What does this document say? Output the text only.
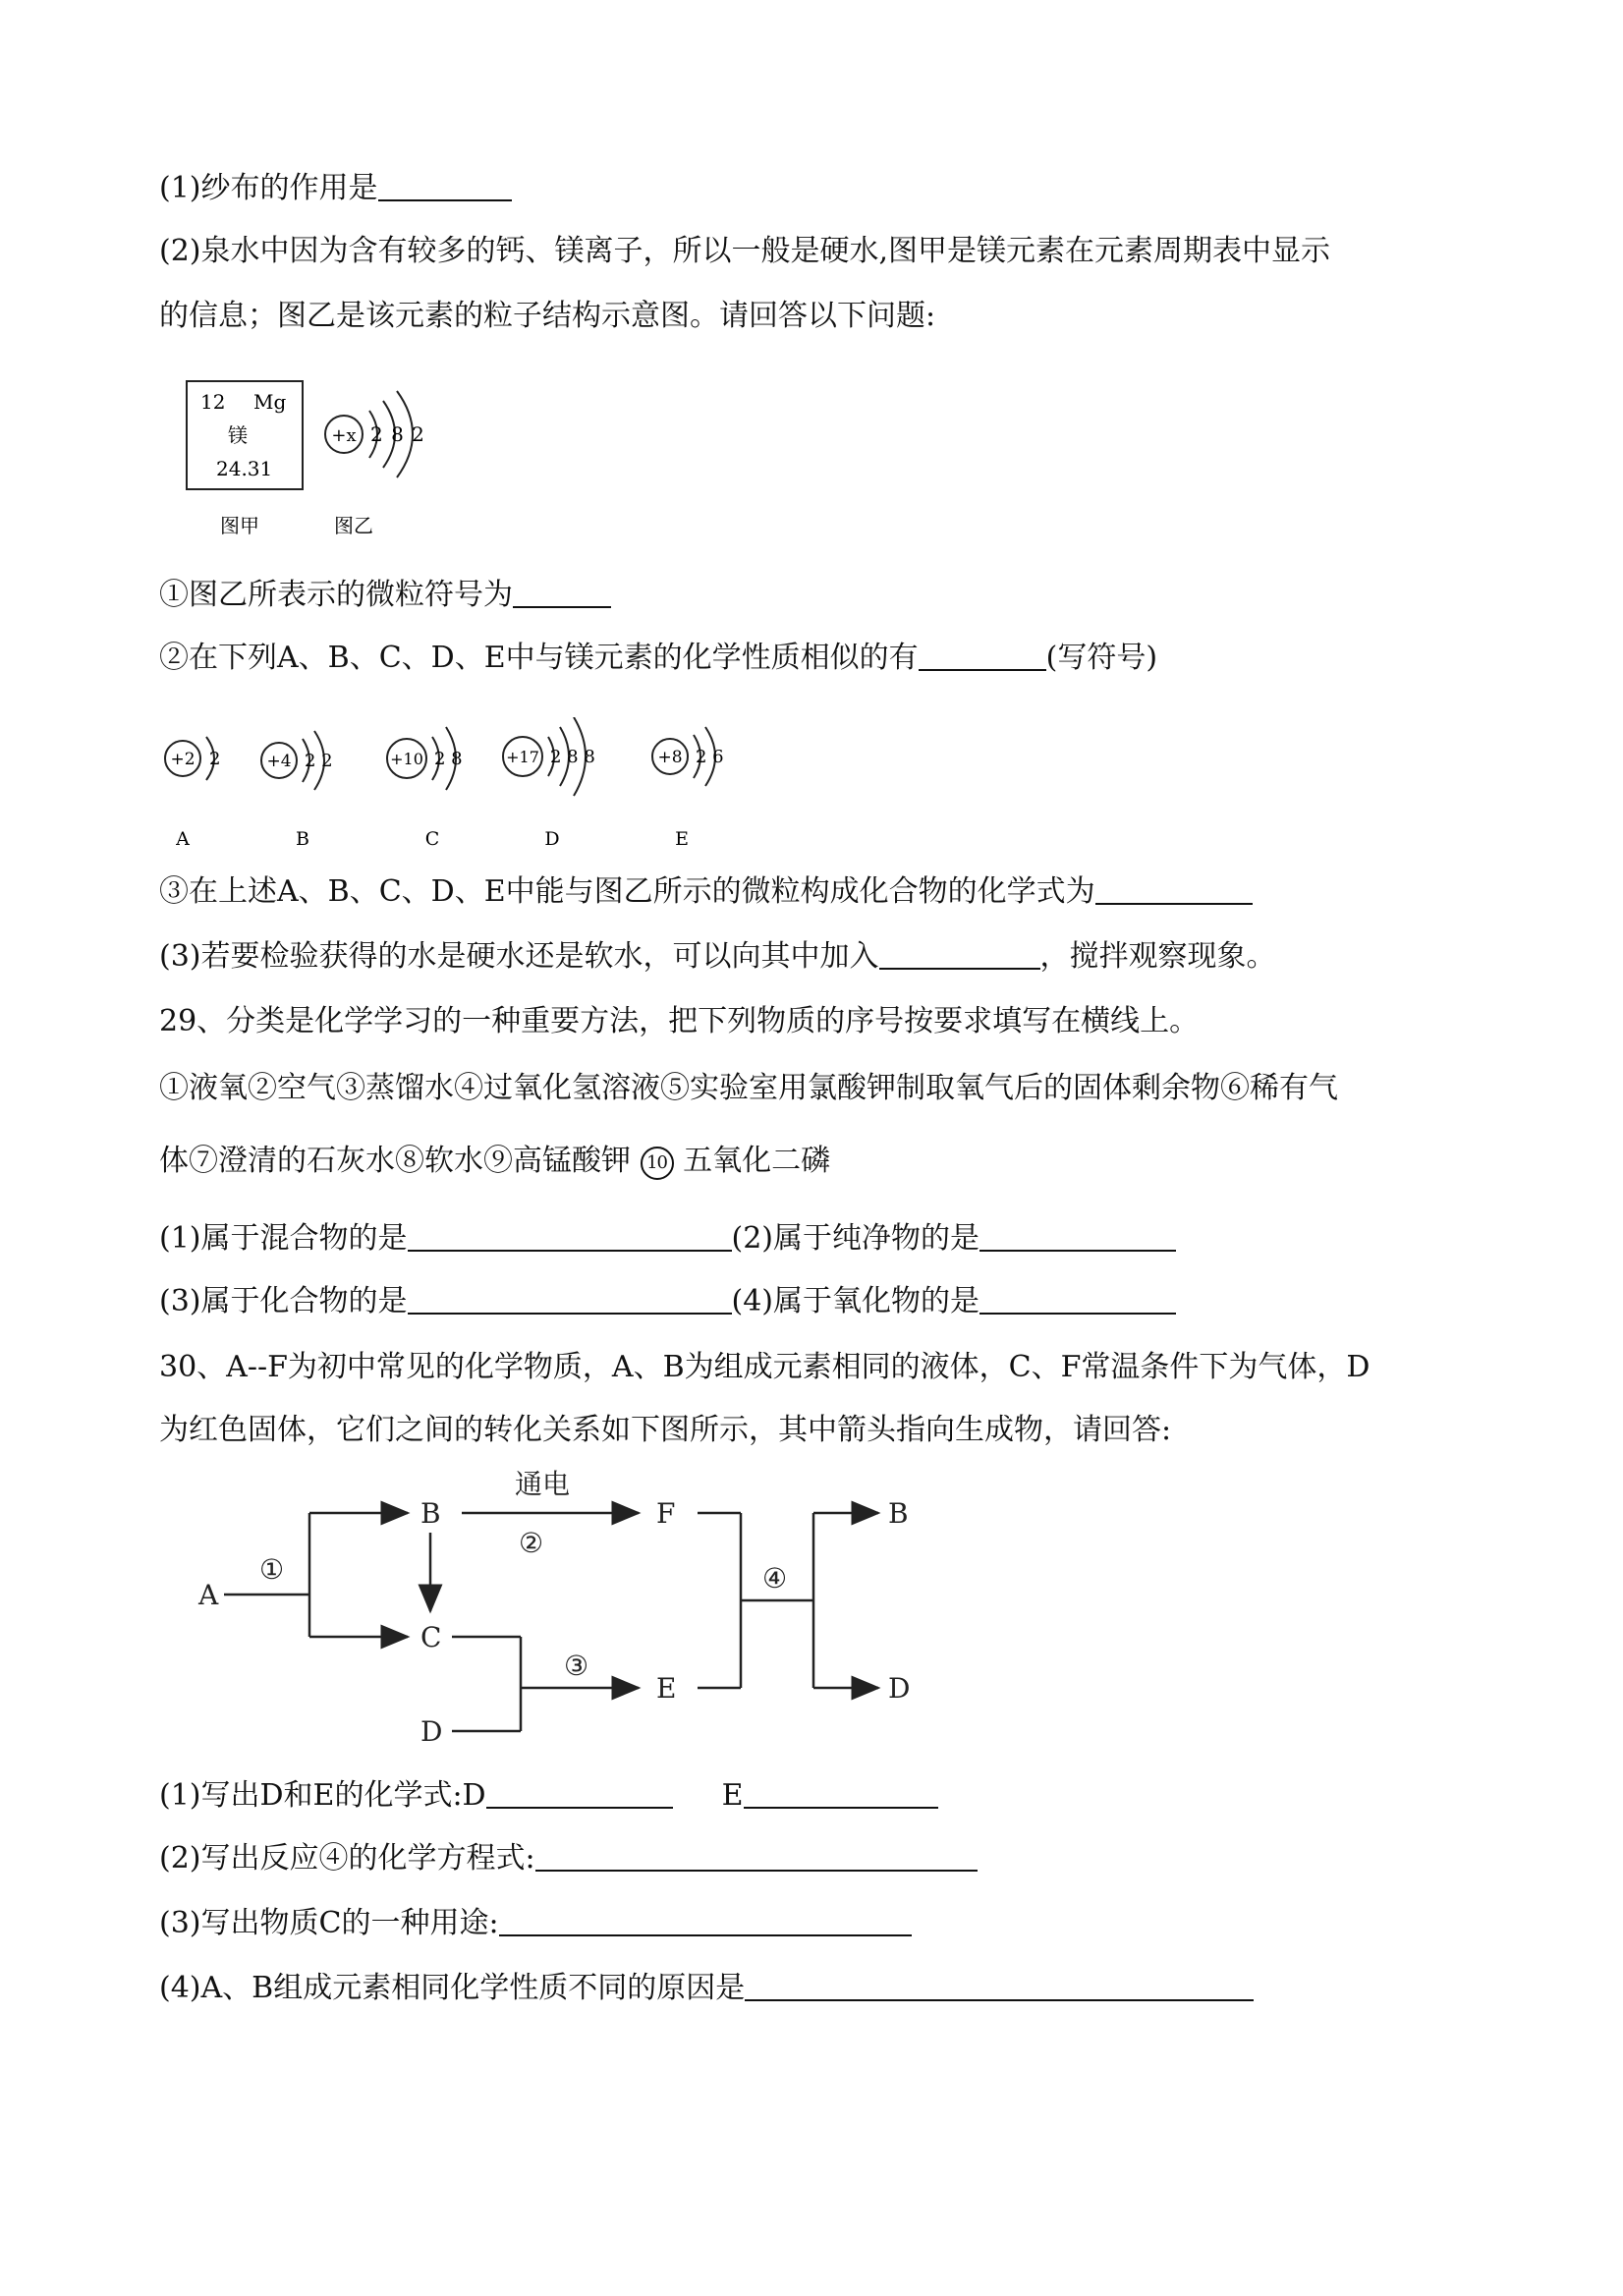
(1)纱布的作用是
(2)泉水中因为含有较多的钙、镁离子，所以一般是硬水,图甲是镁元素在元素周期表中显示
的信息；图乙是该元素的粒子结构示意图。请回答以下问题:
12 Mg
镁
24.31
+x 2 8 2
图甲	图乙
①图乙所表示的微粒符号为
②在下列A、B、C、D、E中与镁元素的化学性质相似的有	(写符号)
+2 2
A
+4 2 2
B
+10 2 8
C
+17 2 8 8
D
+8 2 6
E
③在上述A、B、C、D、E中能与图乙所示的微粒构成化合物的化学式为
(3)若要检验获得的水是硬水还是软水，可以向其中加入	，搅拌观察现象。
29、分类是化学学习的一种重要方法，把下列物质的序号按要求填写在横线上。
①液氧②空气③蒸馏水④过氧化氢溶液⑤实验室用氯酸钾制取氧气后的固体剩余物⑥稀有气
体⑦澄清的石灰水⑧软水⑨高锰酸钾 10 五氧化二磷
(1)属于混合物的是	(2)属于纯净物的是
(3)属于化合物的是	(4)属于氧化物的是
30、A--F为初中常见的化学物质，A、B为组成元素相同的液体，C、F常温条件下为气体，D
为红色固体，它们之间的转化关系如下图所示，其中箭头指向生成物，请回答:
A
B
C
D
E
F	B
D
通电
①
②
③
④
(1)写出D和E的化学式:D	E
(2)写出反应④的化学方程式:
(3)写出物质C的一种用途:
(4)A、B组成元素相同化学性质不同的原因是
